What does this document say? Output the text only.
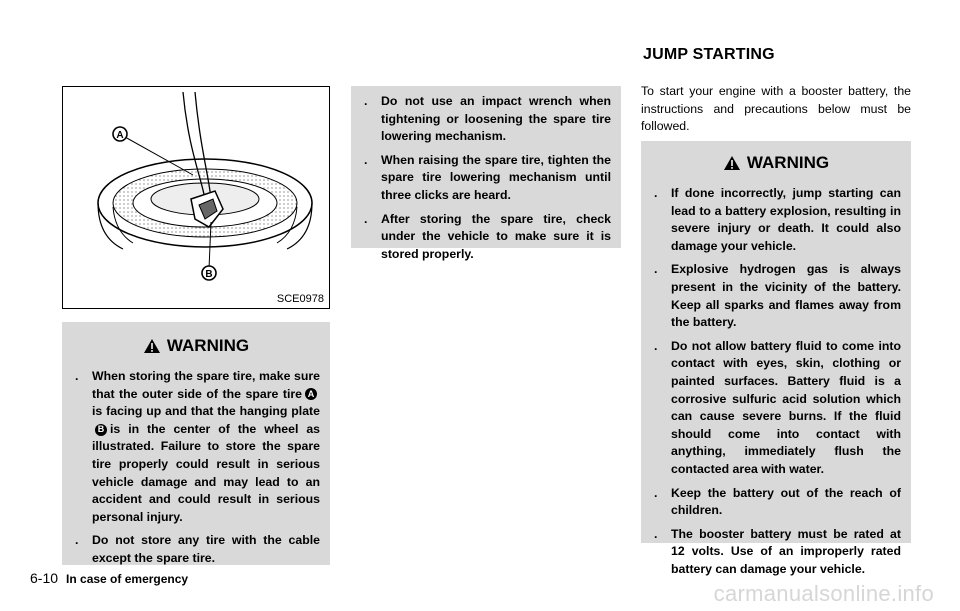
A
B
SCE0978
WARNING
. When storing the spare tire, make sure that the outer side of the spare tire Ais facing up and that the hanging plateB is in the center of the wheel as illustrated. Failure to store the spare tire properly could result in serious vehicle damage and may lead to an accident and could result in serious personal injury.
. Do not store any tire with the cable except the spare tire.
. Do not use an impact wrench when tightening or loosening the spare tire lowering mechanism.
. When raising the spare tire, tighten the spare tire lowering mechanism until three clicks are heard.
. After storing the spare tire, check under the vehicle to make sure it is stored properly.
JUMP STARTING
To start your engine with a booster battery, the instructions and precautions below must be followed.
WARNING
. If done incorrectly, jump starting can lead to a battery explosion, resulting in severe injury or death. It could also damage your vehicle.
. Explosive hydrogen gas is always present in the vicinity of the battery. Keep all sparks and flames away from the battery.
. Do not allow battery fluid to come into contact with eyes, skin, clothing or painted surfaces. Battery fluid is a corrosive sulfuric acid solution which can cause severe burns. If the fluid should come into contact with anything, immediately flush the contacted area with water.
. Keep the battery out of the reach of children.
. The booster battery must be rated at 12 volts. Use of an improperly rated battery can damage your vehicle.
6-10 In case of emergency
carmanualsonline.info
